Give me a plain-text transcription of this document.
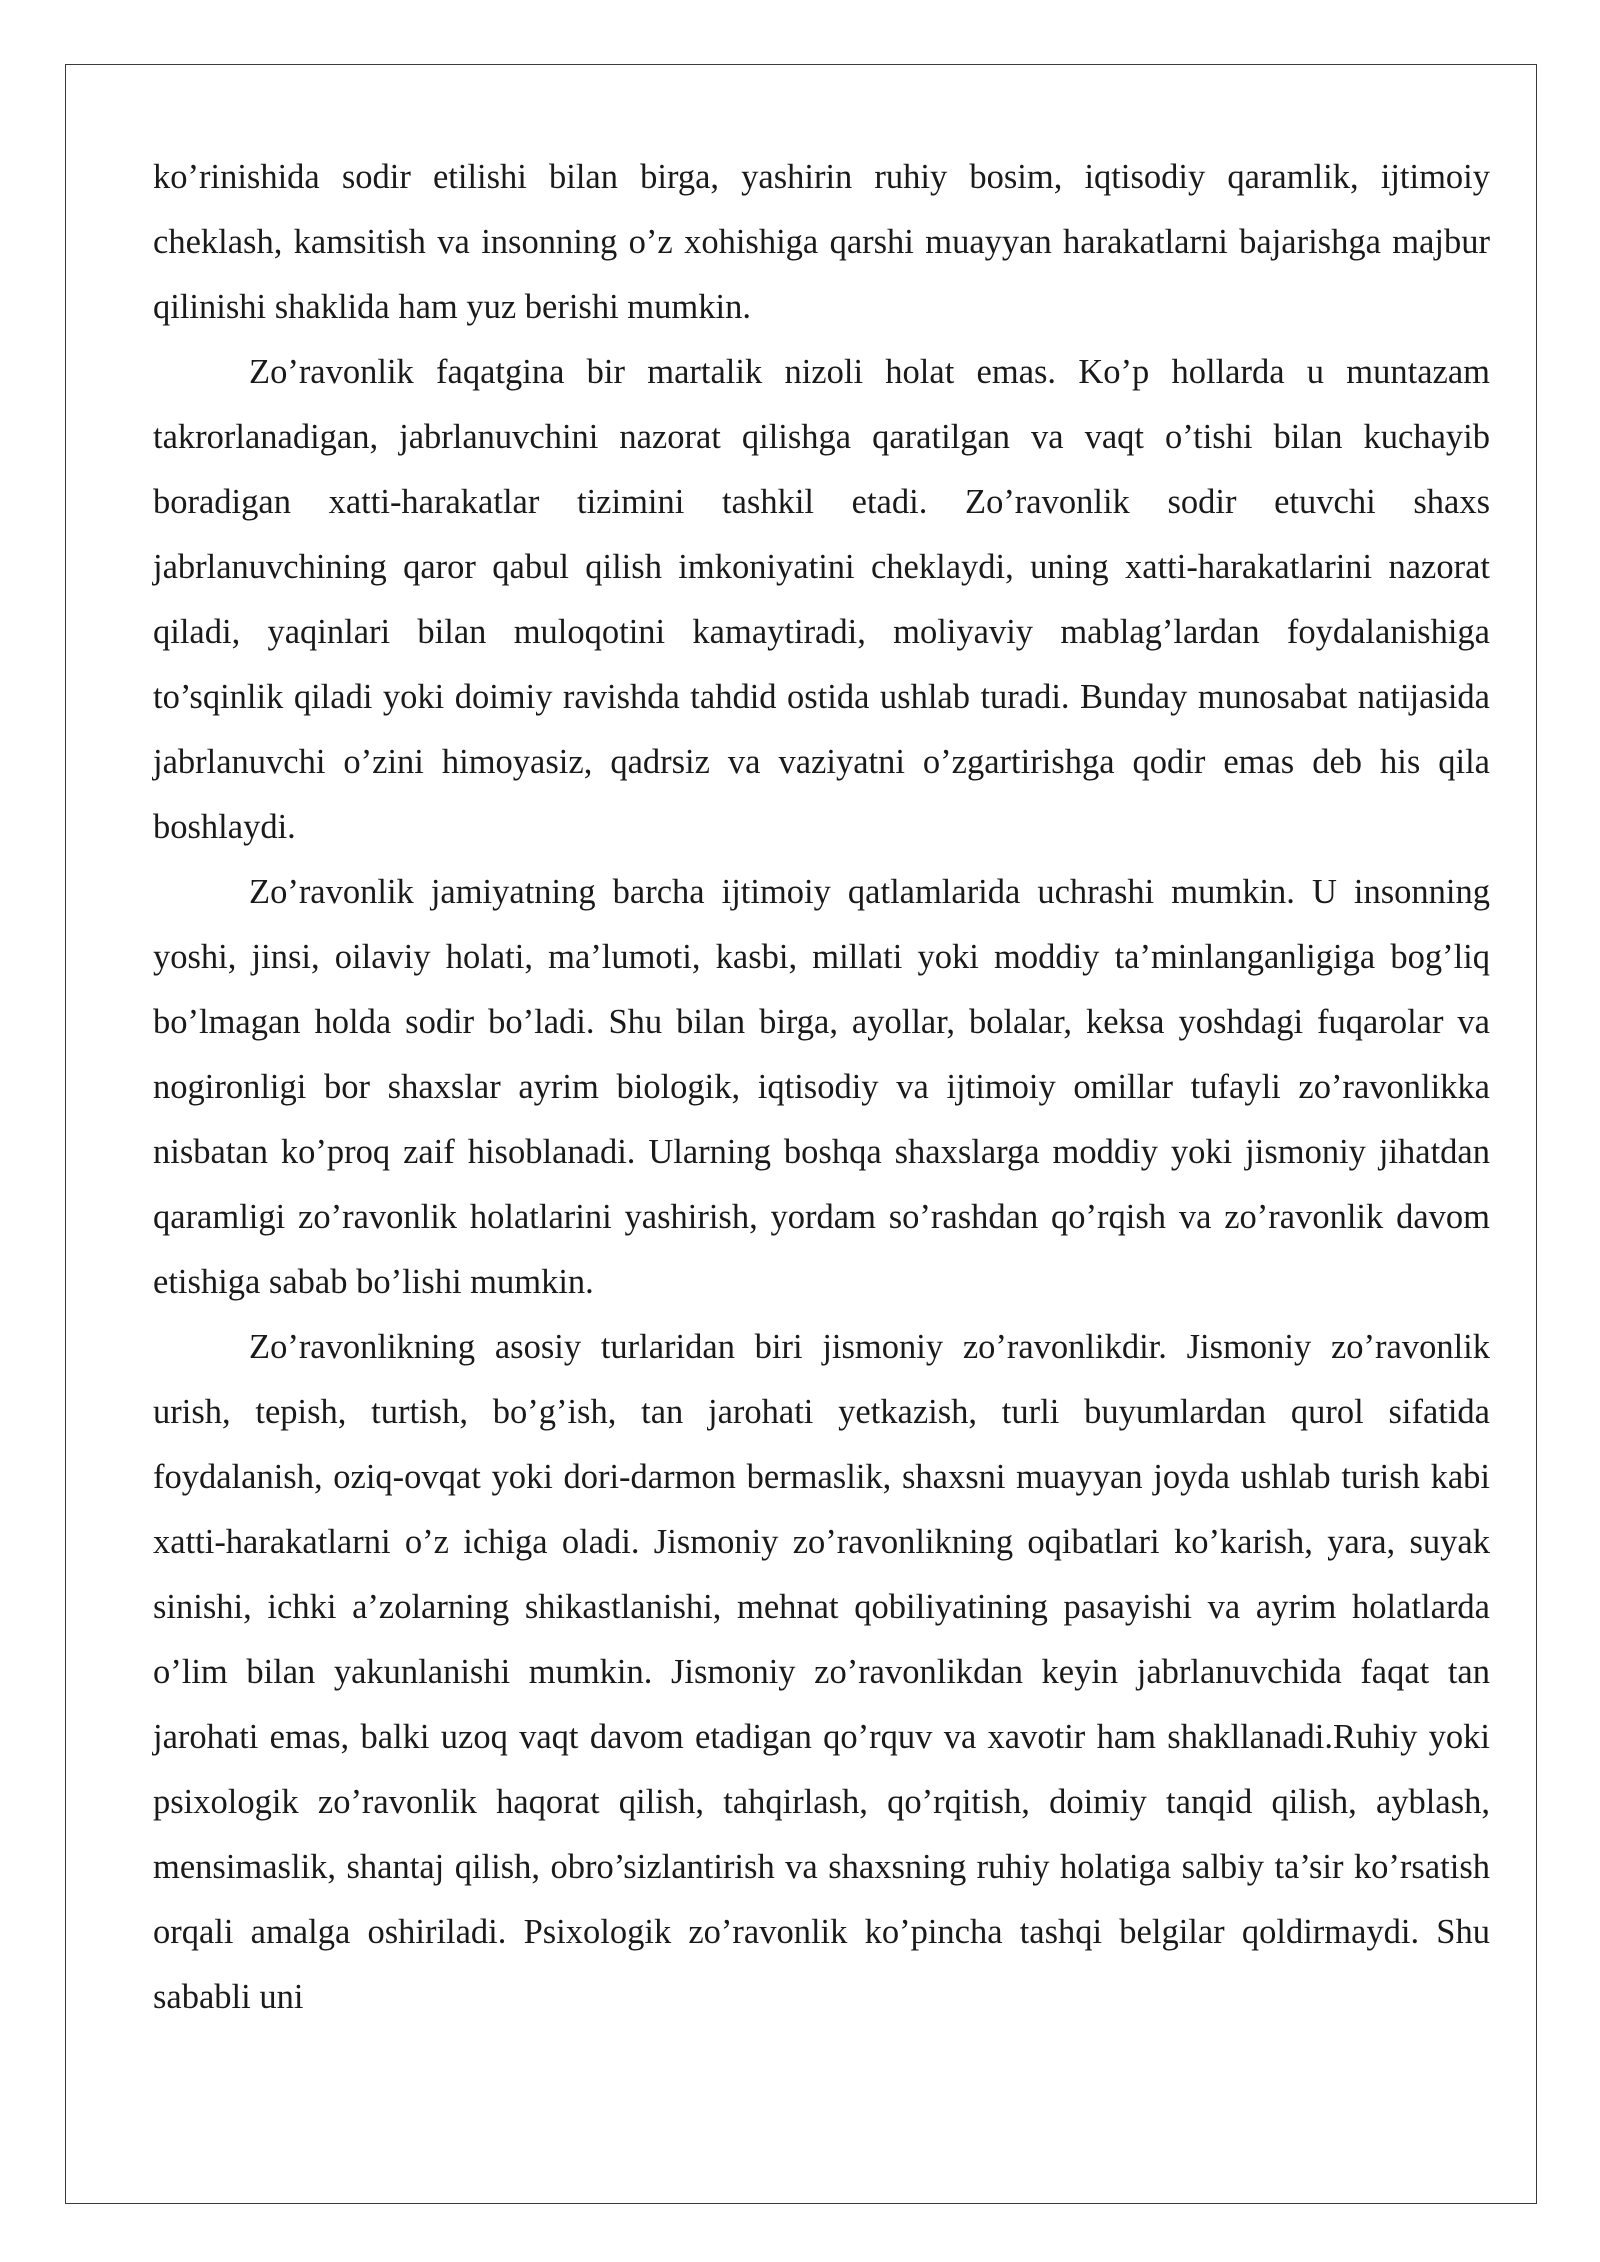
ko’rinishida sodir etilishi bilan birga, yashirin ruhiy bosim, iqtisodiy qaramlik, ijtimoiy cheklash, kamsitish va insonning o’z xohishiga qarshi muayyan harakatlarni bajarishga majbur qilinishi shaklida ham yuz berishi mumkin.

Zo’ravonlik faqatgina bir martalik nizoli holat emas. Ko’p hollarda u muntazam takrorlanadigan, jabrlanuvchini nazorat qilishga qaratilgan va vaqt o’tishi bilan kuchayib boradigan xatti-harakatlar tizimini tashkil etadi. Zo’ravonlik sodir etuvchi shaxs jabrlanuvchining qaror qabul qilish imkoniyatini cheklaydi, uning xatti-harakatlarini nazorat qiladi, yaqinlari bilan muloqotini kamaytiradi, moliyaviy mablag’lardan foydalanishiga to’sqinlik qiladi yoki doimiy ravishda tahdid ostida ushlab turadi. Bunday munosabat natijasida jabrlanuvchi o’zini himoyasiz, qadrsiz va vaziyatni o’zgartirishga qodir emas deb his qila boshlaydi.

Zo’ravonlik jamiyatning barcha ijtimoiy qatlamlarida uchrashi mumkin. U insonning yoshi, jinsi, oilaviy holati, ma’lumoti, kasbi, millati yoki moddiy ta’minlanganligiga bog’liq bo’lmagan holda sodir bo’ladi. Shu bilan birga, ayollar, bolalar, keksa yoshdagi fuqarolar va nogironligi bor shaxslar ayrim biologik, iqtisodiy va ijtimoiy omillar tufayli zo’ravonlikka nisbatan ko’proq zaif hisoblanadi. Ularning boshqa shaxslarga moddiy yoki jismoniy jihatdan qaramligi zo’ravonlik holatlarini yashirish, yordam so’rashdan qo’rqish va zo’ravonlik davom etishiga sabab bo’lishi mumkin.

Zo’ravonlikning asosiy turlaridan biri jismoniy zo’ravonlikdir. Jismoniy zo’ravonlik urish, tepish, turtish, bo’g’ish, tan jarohati yetkazish, turli buyumlardan qurol sifatida foydalanish, oziq-ovqat yoki dori-darmon bermaslik, shaxsni muayyan joyda ushlab turish kabi xatti-harakatlarni o’z ichiga oladi. Jismoniy zo’ravonlikning oqibatlari ko’karish, yara, suyak sinishi, ichki a’zolarning shikastlanishi, mehnat qobiliyatining pasayishi va ayrim holatlarda o’lim bilan yakunlanishi mumkin. Jismoniy zo’ravonlikdan keyin jabrlanuvchida faqat tan jarohati emas, balki uzoq vaqt davom etadigan qo’rquv va xavotir ham shakllanadi.Ruhiy yoki psixologik zo’ravonlik haqorat qilish, tahqirlash, qo’rqitish, doimiy tanqid qilish, ayblash, mensimaslik, shantaj qilish, obro’sizlantirish va shaxsning ruhiy holatiga salbiy ta’sir ko’rsatish orqali amalga oshiriladi. Psixologik zo’ravonlik ko’pincha tashqi belgilar qoldirmaydi. Shu sababli uni
